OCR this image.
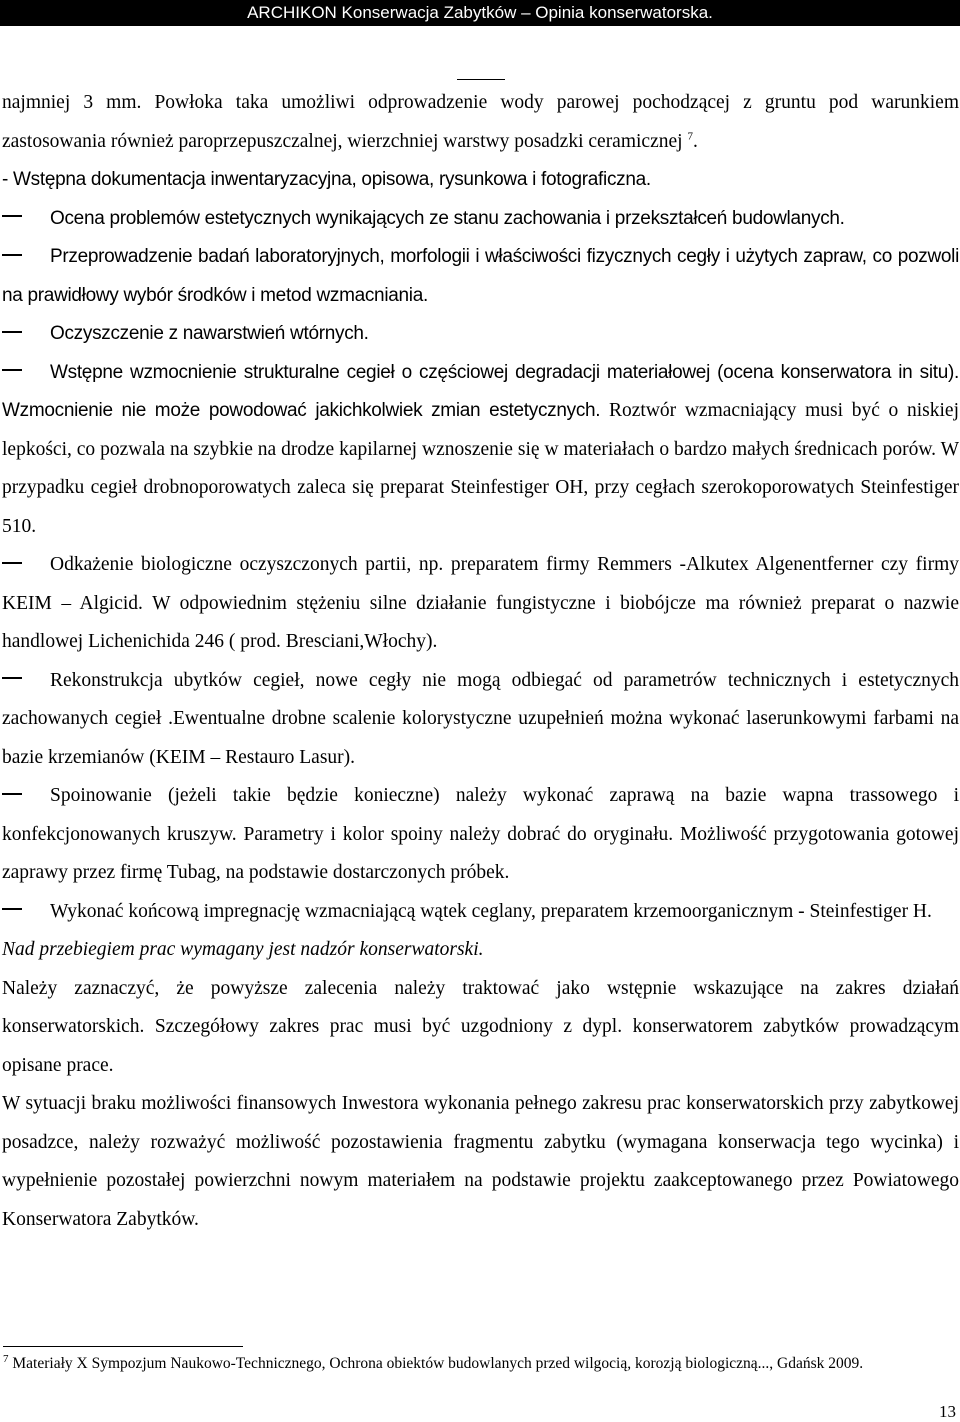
ARCHIKON Konserwacja Zabytków – Opinia konserwatorska.

najmniej 3 mm. Powłoka taka umożliwi odprowadzenie wody parowej pochodzącej z gruntu pod warunkiem zastosowania również paroprzepuszczalnej, wierzchniej warstwy posadzki ceramicznej $^7$.

- Wstępna dokumentacja inwentaryzacyjna, opisowa, rysunkowa i fotograficzna.

Ocena problemów estetycznych wynikających ze stanu zachowania i przekształceń budowlanych.

Przeprowadzenie badań laboratoryjnych, morfologii i właściwości fizycznych cegły i użytych zapraw, co pozwoli na prawidłowy wybór środków i metod wzmacniania.

Oczyszczenie z nawarstwień wtórnych.

Wstępne wzmocnienie strukturalne cegieł o częściowej degradacji materiałowej (ocena konserwatora in situ). Wzmocnienie nie może powodować jakichkolwiek zmian estetycznych. Roztwór wzmacniający musi być o niskiej lepkości, co pozwala na szybkie na drodze kapilarnej wznoszenie się w materiałach o bardzo małych średnicach porów. W przypadku cegieł drobnoporowatych zaleca się preparat Steinfestiger OH, przy cegłach szerokoporowatych Steinfestiger 510.

Odkażenie biologiczne oczyszczonych partii, np. preparatem firmy Remmers -Alkutex Algenentferner czy firmy KEIM – Algicid. W odpowiednim stężeniu silne działanie fungistyczne i biobójcze ma również preparat o nazwie handlowej Lichenichida 246 ( prod. Bresciani,Włochy).

Rekonstrukcja ubytków cegieł, nowe cegły nie mogą odbiegać od parametrów technicznych i estetycznych zachowanych cegieł .Ewentualne drobne scalenie kolorystyczne uzupełnień można wykonać laserunkowymi farbami na bazie krzemianów (KEIM – Restauro Lasur).

Spoinowanie (jeżeli takie będzie konieczne) należy wykonać zaprawą na bazie wapna trassowego i konfekcjonowanych kruszyw. Parametry i kolor spoiny należy dobrać do oryginału. Możliwość przygotowania gotowej zaprawy przez firmę Tubag, na podstawie dostarczonych próbek.

Wykonać końcową impregnację wzmacniającą wątek ceglany, preparatem krzemoorganicznym - Steinfestiger H.

Nad przebiegiem prac wymagany jest nadzór konserwatorski.

Należy zaznaczyć, że powyższe zalecenia należy traktować jako wstępnie wskazujące na zakres działań konserwatorskich. Szczegółowy zakres prac musi być uzgodniony z dypl. konserwatorem zabytków prowadzącym opisane prace.

W sytuacji braku możliwości finansowych Inwestora wykonania pełnego zakresu prac konserwatorskich przy zabytkowej posadzce, należy rozważyć możliwość pozostawienia fragmentu zabytku (wymagana konserwacja tego wycinka) i wypełnienie pozostałej powierzchni nowym materiałem na podstawie projektu zaakceptowanego przez Powiatowego Konserwatora Zabytków.

$^7$ Materiały X Sympozjum Naukowo-Technicznego, Ochrona obiektów budowlanych przed wilgocią, korozją biologiczną..., Gdańsk 2009.
13
